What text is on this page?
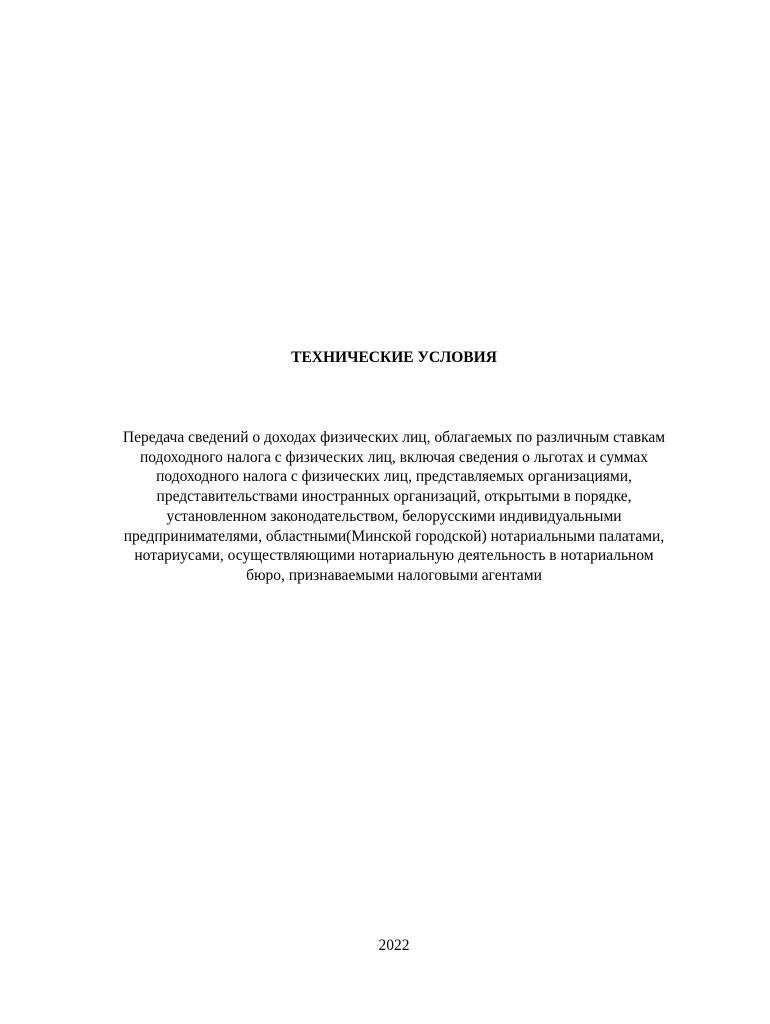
ТЕХНИЧЕСКИЕ УСЛОВИЯ

Передача сведений о доходах физических лиц, облагаемых по различным ставкам
подоходного налога с физических лиц, включая сведения о льготах и суммах
подоходного налога с физических лиц, представляемых организациями,
представительствами иностранных организаций, открытыми в порядке,
установленном законодательством, белорусскими индивидуальными
предпринимателями, областными(Минской городской) нотариальными палатами,
нотариусами, осуществляющими нотариальную деятельность в нотариальном
бюро, признаваемыми налоговыми агентами

2022
